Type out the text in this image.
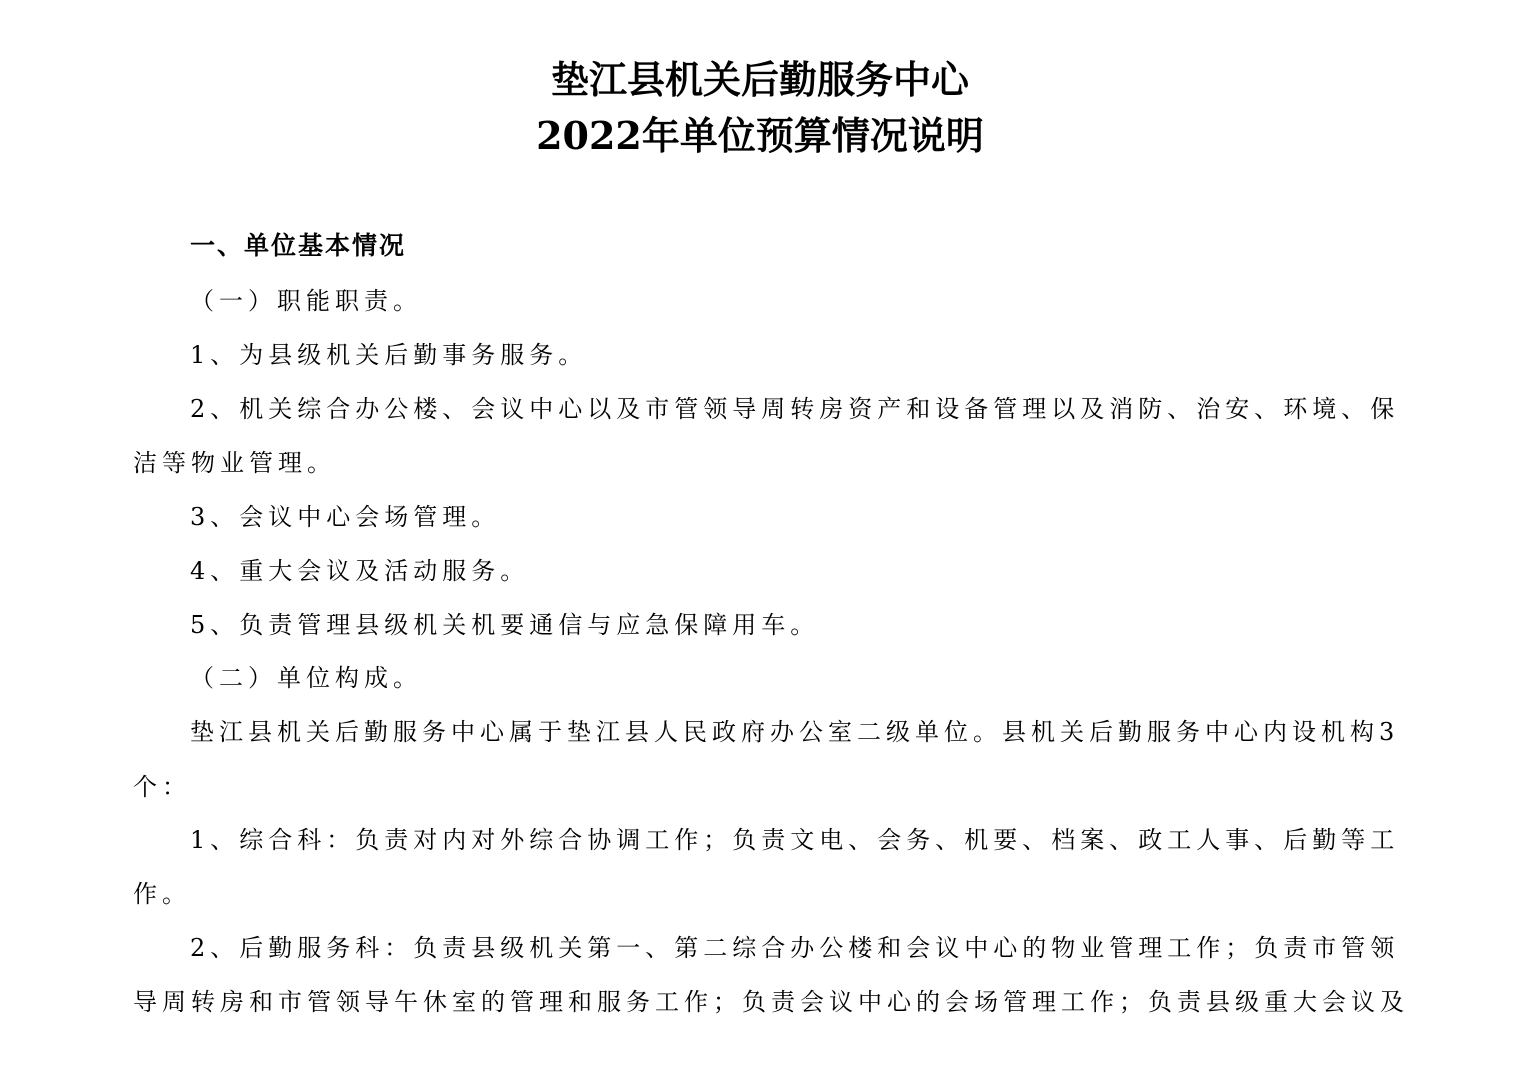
垫江县机关后勤服务中心
2022年单位预算情况说明
一、单位基本情况
（一）职能职责。
1、为县级机关后勤事务服务。
2、机关综合办公楼、会议中心以及市管领导周转房资产和设备管理以及消防、治安、环境、保
洁等物业管理。
3、会议中心会场管理。
4、重大会议及活动服务。
5、负责管理县级机关机要通信与应急保障用车。
（二）单位构成。
垫江县机关后勤服务中心属于垫江县人民政府办公室二级单位。县机关后勤服务中心内设机构3
个：
1、综合科：负责对内对外综合协调工作；负责文电、会务、机要、档案、政工人事、后勤等工
作。
2、后勤服务科：负责县级机关第一、第二综合办公楼和会议中心的物业管理工作；负责市管领
导周转房和市管领导午休室的管理和服务工作；负责会议中心的会场管理工作；负责县级重大会议及
